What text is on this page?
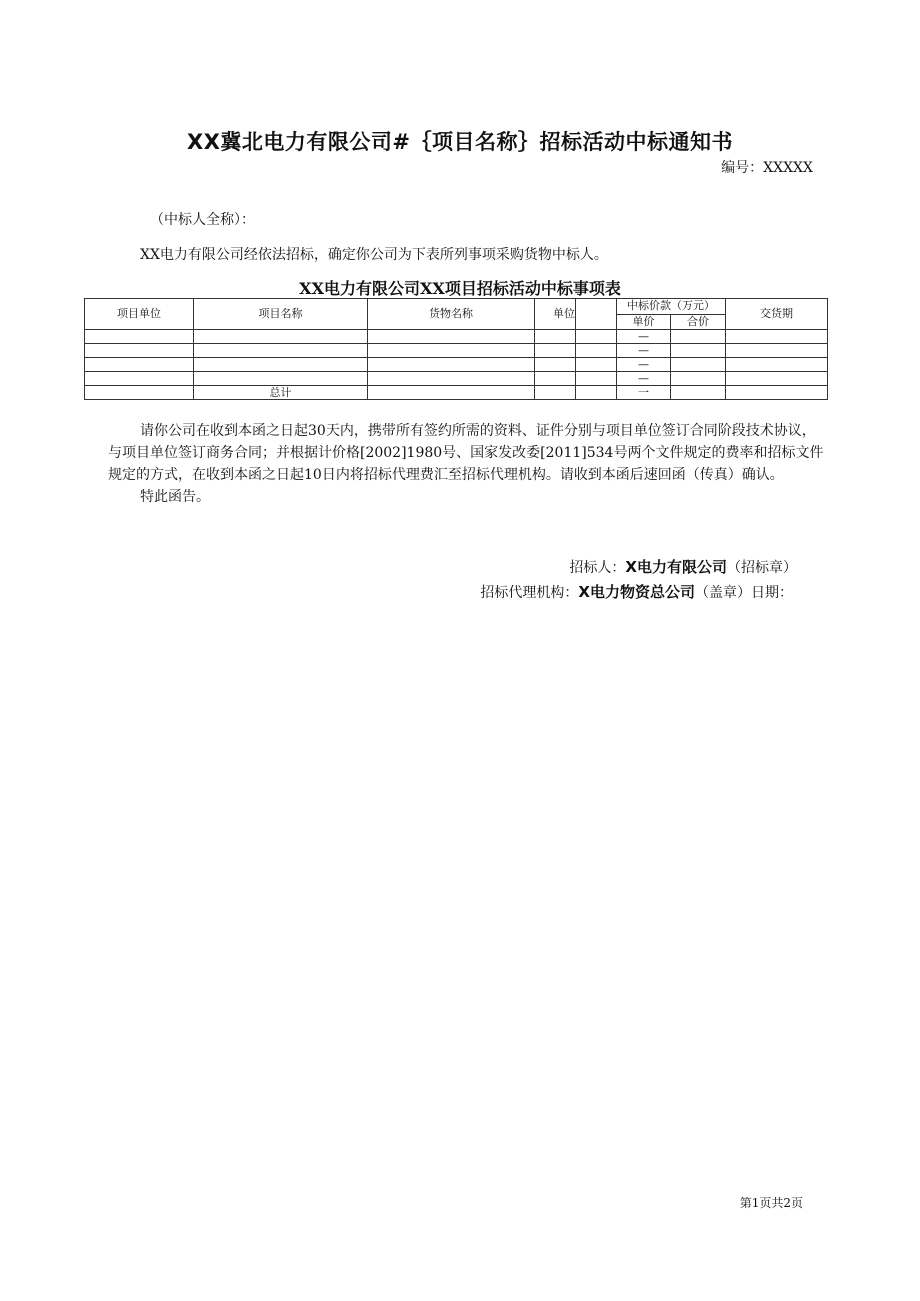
XX冀北电力有限公司#｛项目名称｝招标活动中标通知书
编号：XXXXX
（中标人全称）：
XX电力有限公司经依法招标，确定你公司为下表所列事项采购货物中标人。
XX电力有限公司XX项目招标活动中标事项表
项目单位	项目名称	货物名称	单位		中标价款（万元）		交货期
					单价	合价	
					—		
					—		
					—		
					—		
	总计				一		

请你公司在收到本函之日起30天内，携带所有签约所需的资料、证件分别与项目单位签订合同阶段技术协议，与项目单位签订商务合同；并根据计价格[2002]1980号、国家发改委[2011]534号两个文件规定的费率和招标文件规定的方式，在收到本函之日起10日内将招标代理费汇至招标代理机构。请收到本函后速回函（传真）确认。

特此函告。

招标人：X电力有限公司（招标章）
招标代理机构：X电力物资总公司（盖章）日期：
第1页共2页
